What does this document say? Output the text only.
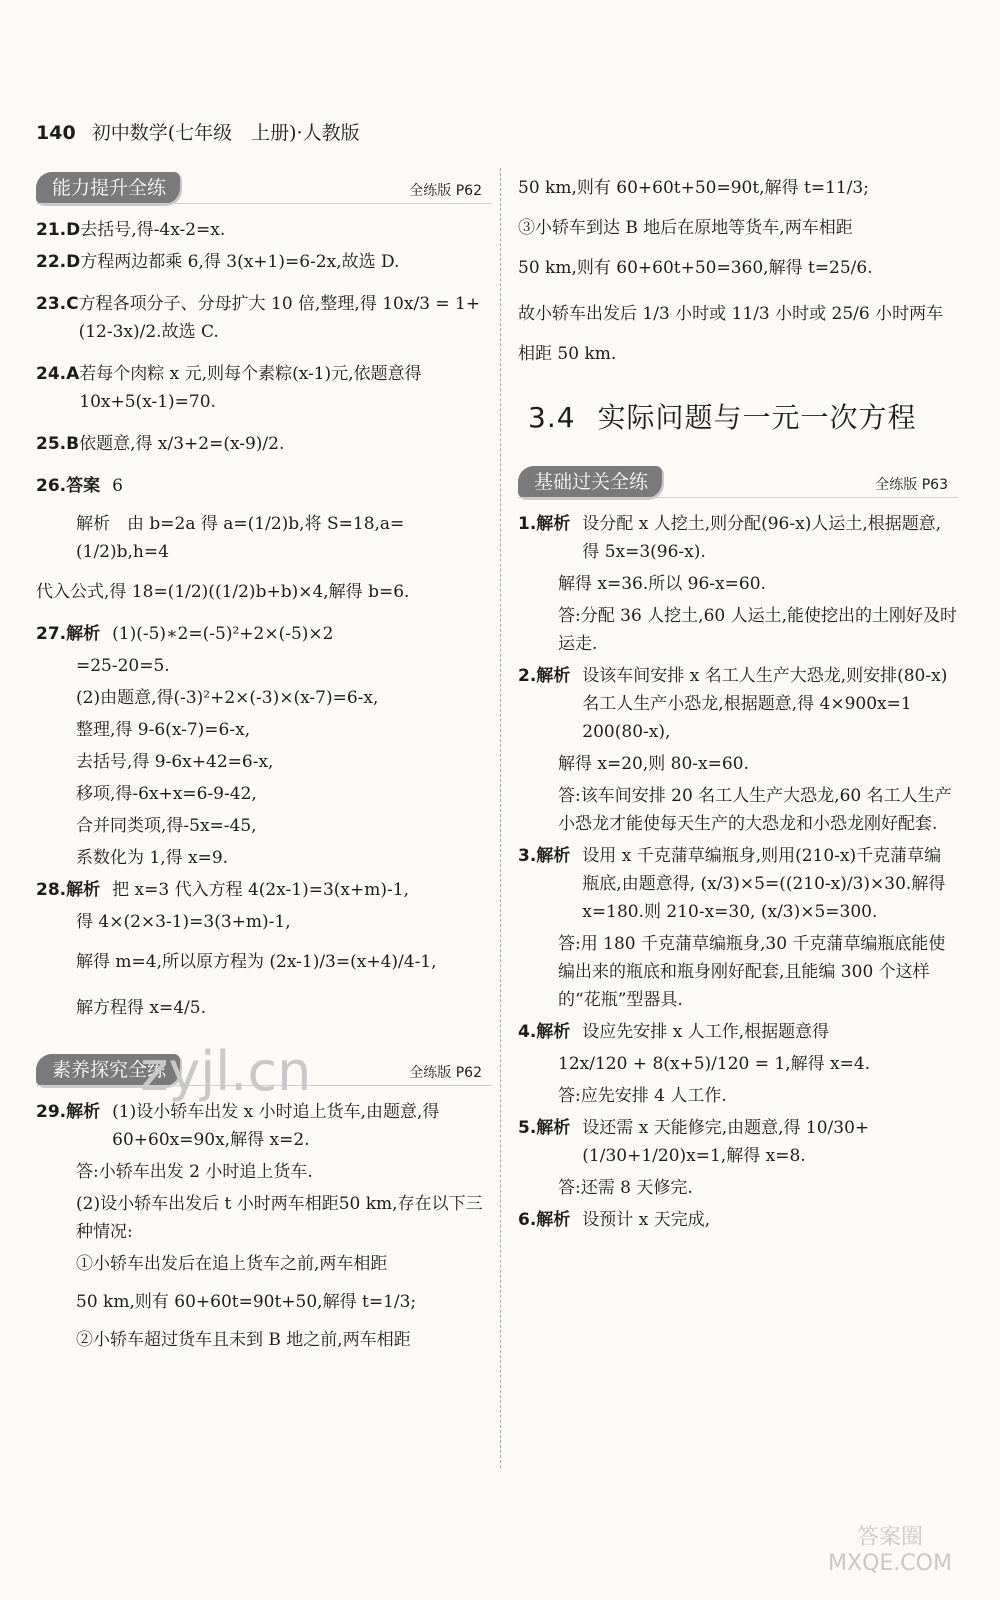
140 初中数学(七年级　上册)·人教版
能力提升全练	全练版 P62
21.D 去括号,得-4x-2=x.
22.D 方程两边都乘 6,得 3(x+1)=6-2x,故选 D.
23.C 方程各项分子、分母扩大 10 倍,整理,得 10x/3 = 1+(12-3x)/2.故选 C.
24.A 若每个肉粽 x 元,则每个素粽(x-1)元,依题意得 10x+5(x-1)=70.
25.B 依题意,得 x/3+2=(x-9)/2.
26.答案 6
解析　由 b=2a 得 a=(1/2)b,将 S=18,a=(1/2)b,h=4
代入公式,得 18=(1/2)((1/2)b+b)×4,解得 b=6.
27.解析 (1)(-5)∗2=(-5)²+2×(-5)×2
=25-20=5.
(2)由题意,得(-3)²+2×(-3)×(x-7)=6-x,
整理,得 9-6(x-7)=6-x,
去括号,得 9-6x+42=6-x,
移项,得-6x+x=6-9-42,
合并同类项,得-5x=-45,
系数化为 1,得 x=9.
28.解析 把 x=3 代入方程 4(2x-1)=3(x+m)-1,
得 4×(2×3-1)=3(3+m)-1,
解得 m=4,所以原方程为 (2x-1)/3=(x+4)/4-1,
解方程得 x=4/5.
素养探究全练	全练版 P62
29.解析 (1)设小轿车出发 x 小时追上货车,由题意,得 60+60x=90x,解得 x=2.
答:小轿车出发 2 小时追上货车.
(2)设小轿车出发后 t 小时两车相距50 km,存在以下三种情况:
①小轿车出发后在追上货车之前,两车相距
50 km,则有 60+60t=90t+50,解得 t=1/3;
②小轿车超过货车且未到 B 地之前,两车相距
50 km,则有 60+60t+50=90t,解得 t=11/3;
③小轿车到达 B 地后在原地等货车,两车相距
50 km,则有 60+60t+50=360,解得 t=25/6.
故小轿车出发后 1/3 小时或 11/3 小时或 25/6 小时两车
相距 50 km.
3.4 实际问题与一元一次方程
基础过关全练	全练版 P63
1.解析 设分配 x 人挖土,则分配(96-x)人运土,根据题意,得 5x=3(96-x).
解得 x=36.所以 96-x=60.
答:分配 36 人挖土,60 人运土,能使挖出的土刚好及时运走.
2.解析 设该车间安排 x 名工人生产大恐龙,则安排(80-x)名工人生产小恐龙,根据题意,得 4×900x=1 200(80-x),
解得 x=20,则 80-x=60.
答:该车间安排 20 名工人生产大恐龙,60 名工人生产小恐龙才能使每天生产的大恐龙和小恐龙刚好配套.
3.解析 设用 x 千克蒲草编瓶身,则用(210-x)千克蒲草编瓶底,由题意得, (x/3)×5=((210-x)/3)×30.解得 x=180.则 210-x=30, (x/3)×5=300.
答:用 180 千克蒲草编瓶身,30 千克蒲草编瓶底能使编出来的瓶底和瓶身刚好配套,且能编 300 个这样的“花瓶”型器具.
4.解析 设应先安排 x 人工作,根据题意得
12x/120 + 8(x+5)/120 = 1,解得 x=4.
答:应先安排 4 人工作.
5.解析 设还需 x 天能修完,由题意,得 10/30+(1/30+1/20)x=1,解得 x=8.
答:还需 8 天修完.
6.解析 设预计 x 天完成,
zyjl.cn
答案圈 MXQE.COM
